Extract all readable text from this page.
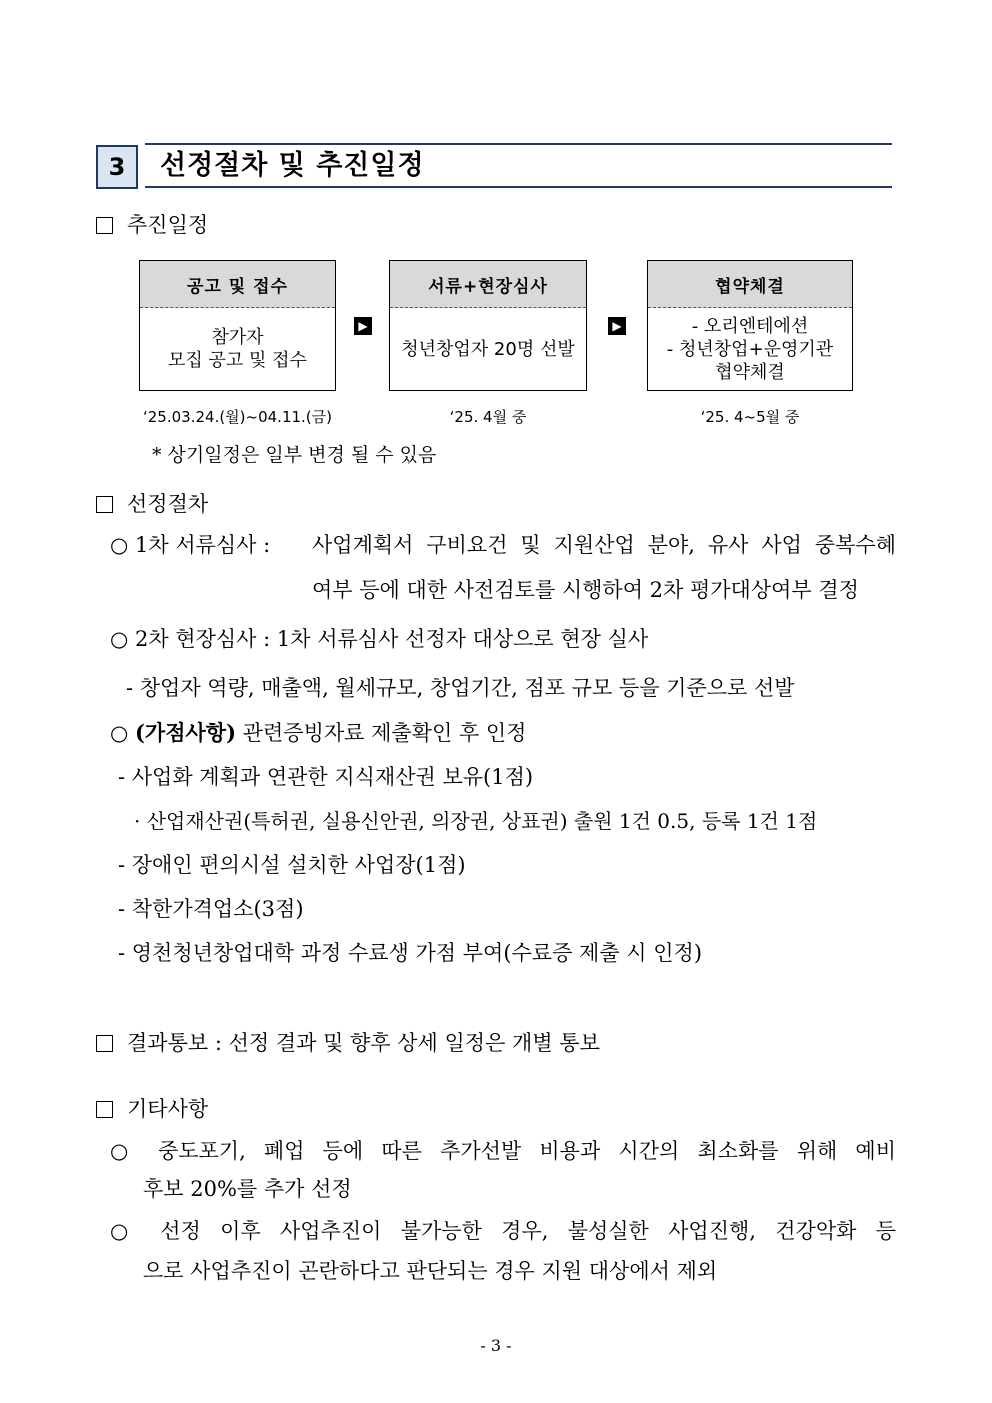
3	선정절차 및 추진일정
추진일정
공고 및 접수
참가자
모집 공고 및 접수
▶
서류+현장심사
청년창업자 20명 선발
▶
협약체결
- 오리엔테에션
- 청년창업+운영기관
협약체결
‘25.03.24.(월)~04.11.(금)	‘25. 4월 중	‘25. 4~5월 중
* 상기일정은 일부 변경 될 수 있음
선정절차
○ 1차 서류심사 : 사업계획서 구비요건 및 지원산업 분야, 유사 사업 중복수혜
여부 등에 대한 사전검토를 시행하여 2차 평가대상여부 결정
○ 2차 현장심사 : 1차 서류심사 선정자 대상으로 현장 실사
- 창업자 역량, 매출액, 월세규모, 창업기간, 점포 규모 등을 기준으로 선발
○ (가점사항) 관련증빙자료 제출확인 후 인정
- 사업화 계획과 연관한 지식재산권 보유(1점)
· 산업재산권(특허권, 실용신안권, 의장권, 상표권) 출원 1건 0.5, 등록 1건 1점
- 장애인 편의시설 설치한 사업장(1점)
- 착한가격업소(3점)
- 영천청년창업대학 과정 수료생 가점 부여(수료증 제출 시 인정)
결과통보 : 선정 결과 및 향후 상세 일정은 개별 통보
기타사항
○ 중도포기, 폐업 등에 따른 추가선발 비용과 시간의 최소화를 위해 예비
후보 20%를 추가 선정
○ 선정 이후 사업추진이 불가능한 경우, 불성실한 사업진행, 건강악화 등
으로 사업추진이 곤란하다고 판단되는 경우 지원 대상에서 제외
- 3 -
